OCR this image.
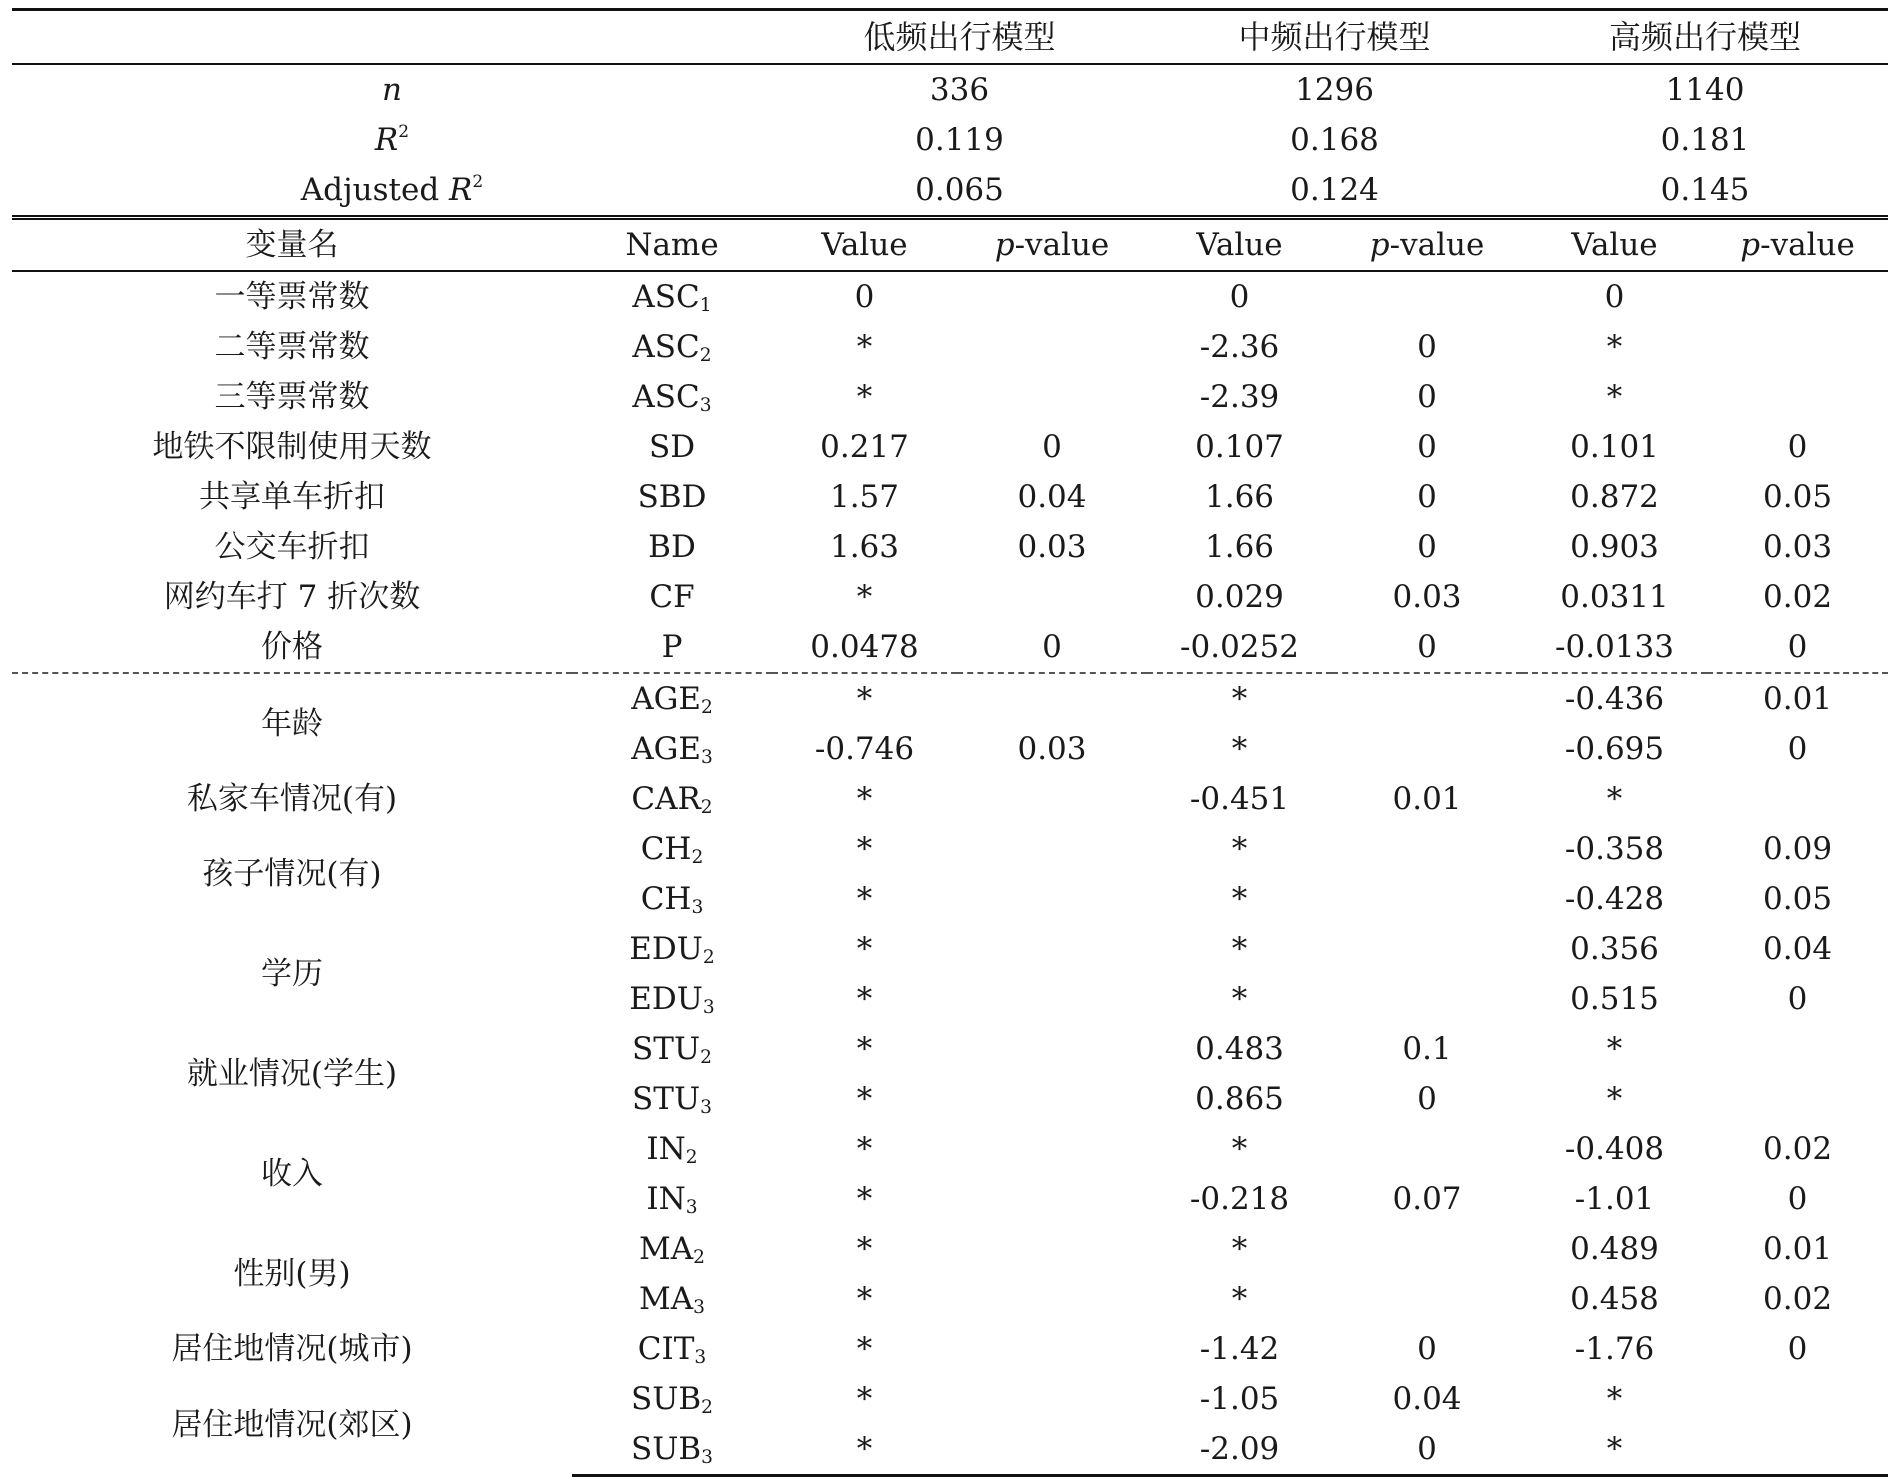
		低频出行模型		中频出行模型		高频出行模型	
n		336		1296		1140	
$R^2$		0.119		0.168		0.181	
Adjusted $R^2$		0.065		0.124		0.145	
变量名	Name	Value	p-value	Value	p-value	Value	p-value
一等票常数	$ASC_1$	0		0		0	
二等票常数	$ASC_2$	*		-2.36	0	*	
三等票常数	$ASC_3$	*		-2.39	0	*	
地铁不限制使用天数	SD	0.217	0	0.107	0	0.101	0
共享单车折扣	SBD	1.57	0.04	1.66	0	0.872	0.05
公交车折扣	BD	1.63	0.03	1.66	0	0.903	0.03
网约车打 7 折次数	CF	*		0.029	0.03	0.0311	0.02
价格	P	0.0478	0	-0.0252	0	-0.0133	0
年龄	$AGE_2$	*		*		-0.436	0.01
	$AGE_3$	-0.746	0.03	*		-0.695	0
私家车情况(有)	$CAR_2$	*		-0.451	0.01	*	
孩子情况(有)	$CH_2$	*		*		-0.358	0.09
	$CH_3$	*		*		-0.428	0.05
学历	$EDU_2$	*		*		0.356	0.04
	$EDU_3$	*		*		0.515	0
就业情况(学生)	$STU_2$	*		0.483	0.1	*	
	$STU_3$	*		0.865	0	*	
收入	$IN_2$	*		*		-0.408	0.02
	$IN_3$	*		-0.218	0.07	-1.01	0
性别(男)	$MA_2$	*		*		0.489	0.01
	$MA_3$	*		*		0.458	0.02
居住地情况(城市)	$CIT_3$	*		-1.42	0	-1.76	0
居住地情况(郊区)	$SUB_2$	*		-1.05	0.04	*	
	$SUB_3$	*		-2.09	0	*	
